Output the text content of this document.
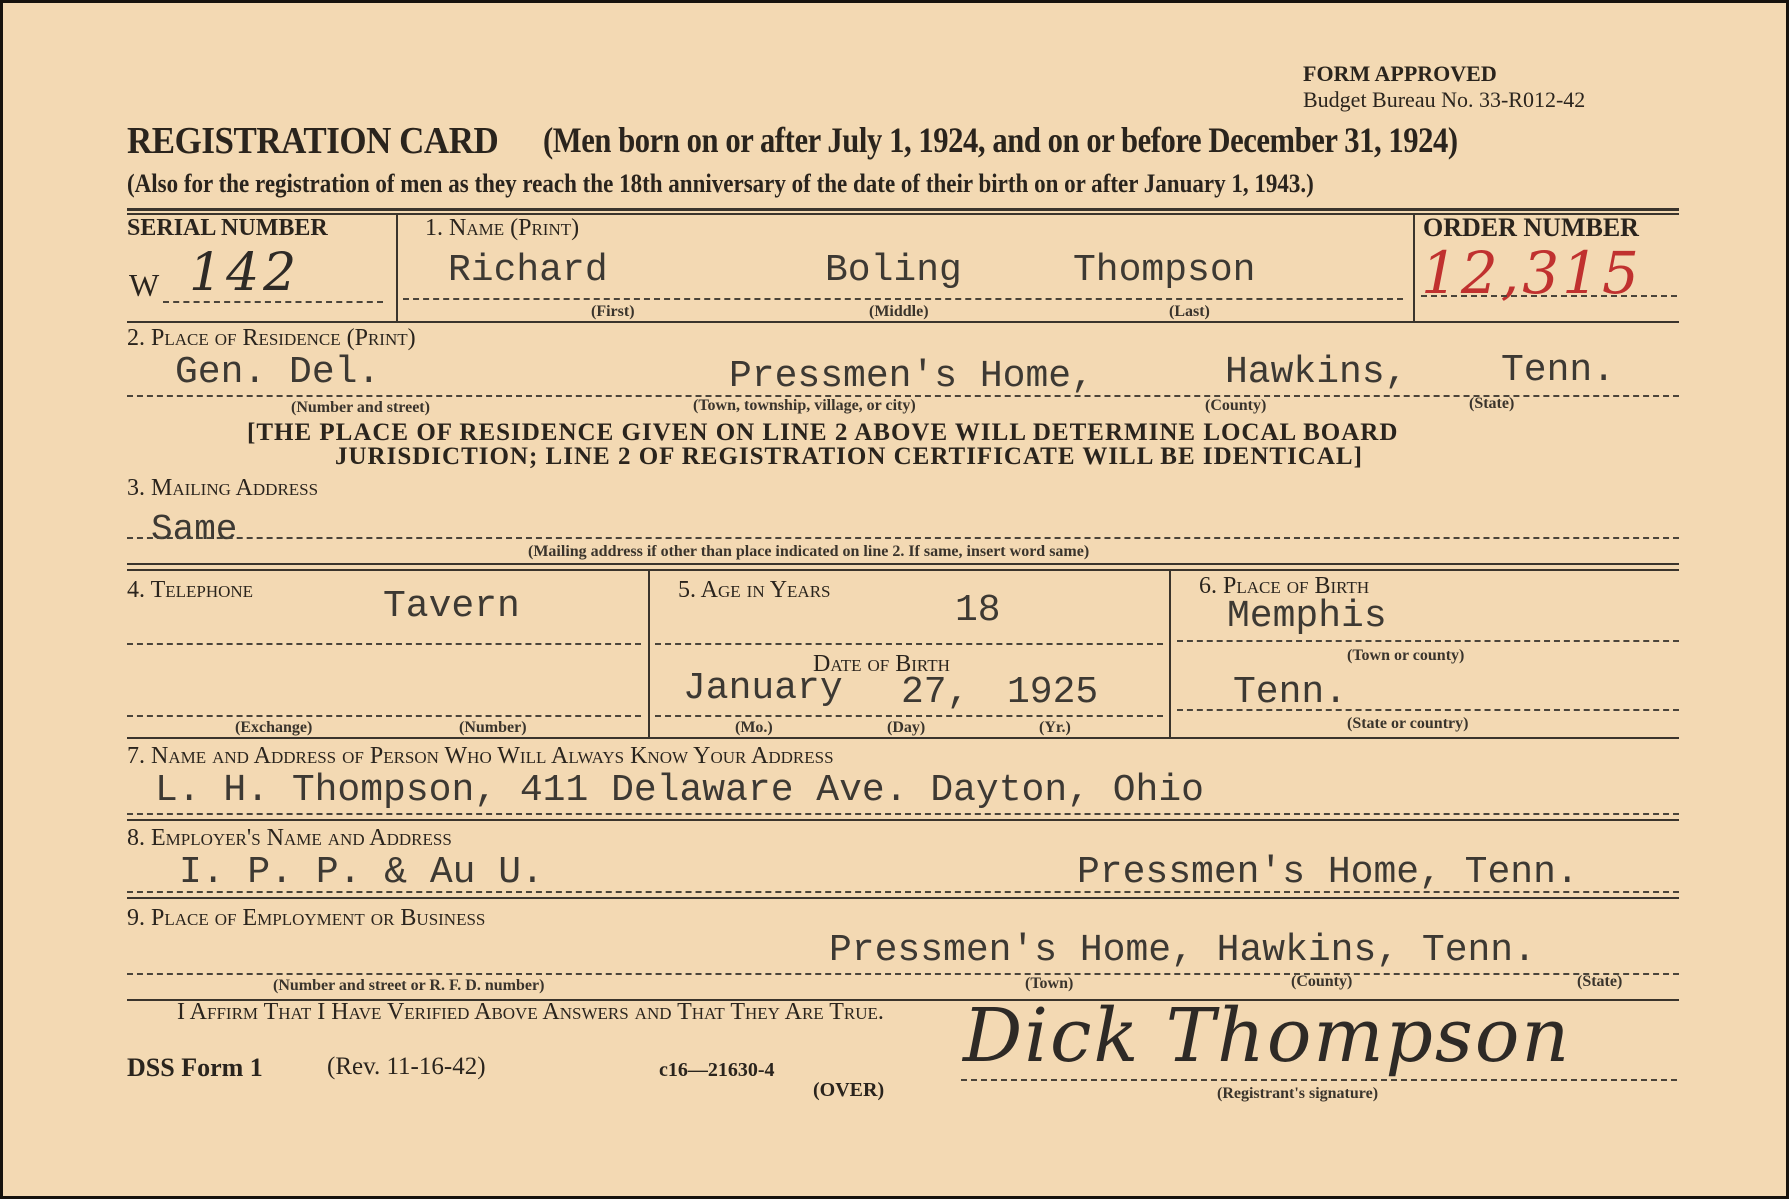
FORM APPROVED
Budget Bureau No. 33-R012-42
REGISTRATION CARD (Men born on or after July 1, 1924, and on or before December 31, 1924)
(Also for the registration of men as they reach the 18th anniversary of the date of their birth on or after January 1, 1943.)
SERIAL NUMBER
W 142
1. Name (Print)
Richard	Boling	Thompson
(First)	(Middle)	(Last)
ORDER NUMBER
12,315
2. Place of Residence (Print)
Gen. Del.	Pressmen's Home,	Hawkins, Tenn.
(Number and street)	(Town, township, village, or city)	(County)	(State)
[THE PLACE OF RESIDENCE GIVEN ON LINE 2 ABOVE WILL DETERMINE LOCAL BOARD
JURISDICTION; LINE 2 OF REGISTRATION CERTIFICATE WILL BE IDENTICAL]
3. Mailing Address
Same
(Mailing address if other than place indicated on line 2. If same, insert word same)
4. Telephone	Tavern
(Exchange)	(Number)
5. Age in Years	18
Date of Birth
January 27, 1925
(Mo.)	(Day)	(Yr.)
6. Place of Birth
Memphis
(Town or county)
Tenn.
(State or country)
7. Name and Address of Person Who Will Always Know Your Address
L. H. Thompson, 411 Delaware Ave. Dayton, Ohio
8. Employer's Name and Address
I. P. P. & Au U.	Pressmen's Home, Tenn.
9. Place of Employment or Business
Pressmen's Home, Hawkins, Tenn.
(Number and street or R. F. D. number)	(Town)	(County)	(State)
I Affirm That I Have Verified Above Answers and That They Are True.
DSS Form 1	(Rev. 11-16-42)	c16—21630-4
(OVER)
Dick Thompson
(Registrant's signature)
